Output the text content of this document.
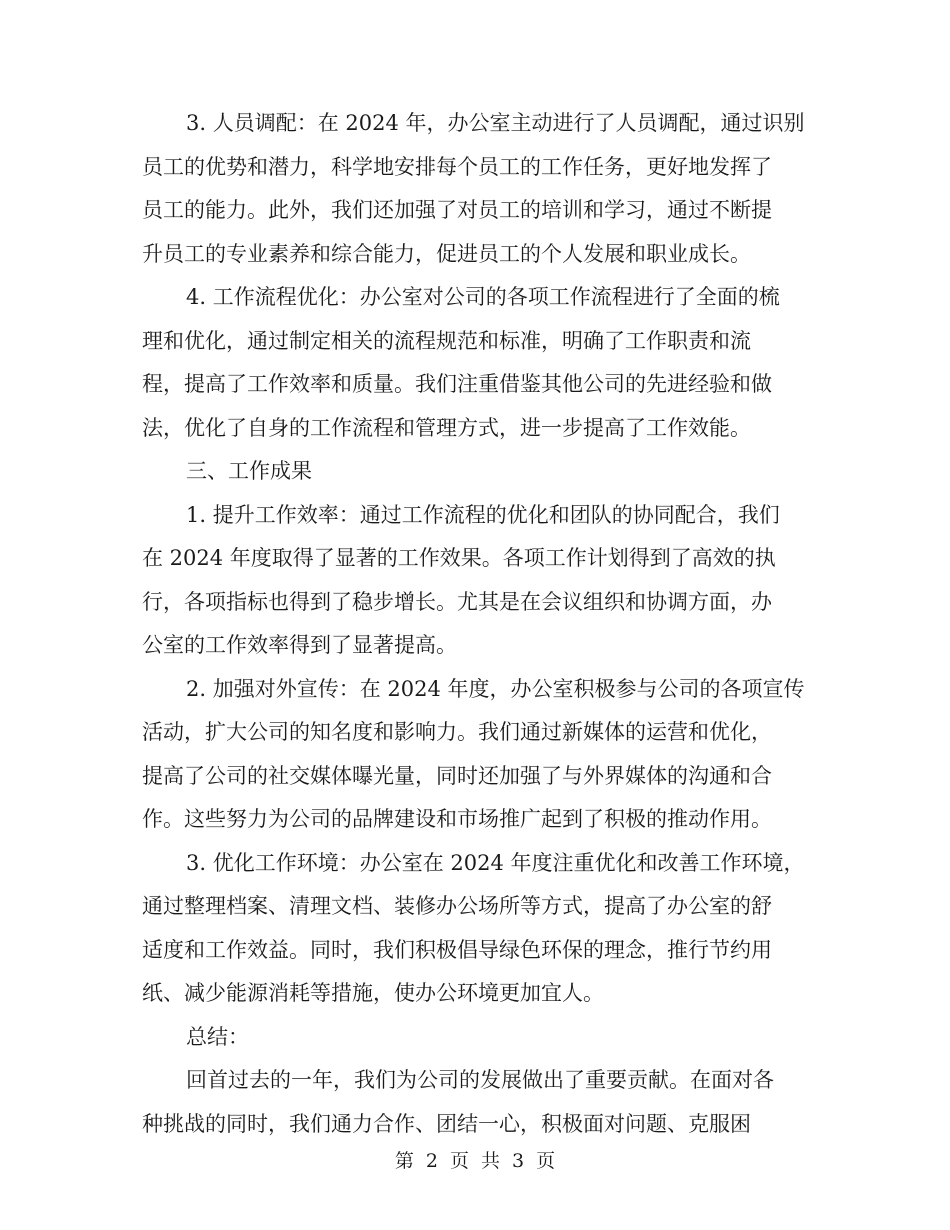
3. 人员调配：在 2024 年，办公室主动进行了人员调配，通过识别
员工的优势和潜力，科学地安排每个员工的工作任务，更好地发挥了
员工的能力。此外，我们还加强了对员工的培训和学习，通过不断提
升员工的专业素养和综合能力，促进员工的个人发展和职业成长。

4. 工作流程优化：办公室对公司的各项工作流程进行了全面的梳
理和优化，通过制定相关的流程规范和标准，明确了工作职责和流
程，提高了工作效率和质量。我们注重借鉴其他公司的先进经验和做
法，优化了自身的工作流程和管理方式，进一步提高了工作效能。

三、工作成果

1. 提升工作效率：通过工作流程的优化和团队的协同配合，我们
在 2024 年度取得了显著的工作效果。各项工作计划得到了高效的执
行，各项指标也得到了稳步增长。尤其是在会议组织和协调方面，办
公室的工作效率得到了显著提高。

2. 加强对外宣传：在 2024 年度，办公室积极参与公司的各项宣传
活动，扩大公司的知名度和影响力。我们通过新媒体的运营和优化，
提高了公司的社交媒体曝光量，同时还加强了与外界媒体的沟通和合
作。这些努力为公司的品牌建设和市场推广起到了积极的推动作用。

3. 优化工作环境：办公室在 2024 年度注重优化和改善工作环境，
通过整理档案、清理文档、装修办公场所等方式，提高了办公室的舒
适度和工作效益。同时，我们积极倡导绿色环保的理念，推行节约用
纸、减少能源消耗等措施，使办公环境更加宜人。

总结：

回首过去的一年，我们为公司的发展做出了重要贡献。在面对各
种挑战的同时，我们通力合作、团结一心，积极面对问题、克服困

第 2 页 共 3 页
